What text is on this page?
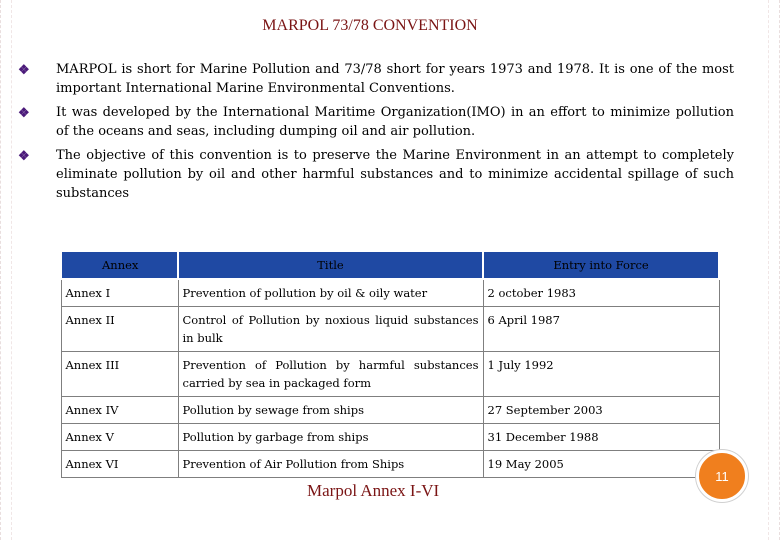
MARPOL 73/78 CONVENTION
❖ MARPOL is short for Marine Pollution and 73/78 short for years 1973 and 1978. It is one of the most important International Marine Environmental Conventions.
❖ It was developed by the International Maritime Organization(IMO) in an effort to minimize pollution of the oceans and seas, including dumping oil and air pollution.
❖ The objective of this convention is to preserve the Marine Environment in an attempt to completely eliminate pollution by oil and other harmful substances and to minimize accidental spillage of such substances
Annex	Title	Entry into Force
Annex I	Prevention of pollution by oil & oily water	2 october 1983
Annex II	Control of Pollution by noxious liquid substances in bulk	6 April 1987
Annex III	Prevention of Pollution by harmful substances carried by sea in packaged form	1 July 1992
Annex IV	Pollution by sewage from ships	27 September 2003
Annex V	Pollution by garbage from ships	31 December 1988
Annex VI	Prevention of Air Pollution from Ships	19 May 2005
Marpol Annex I-VI
11
